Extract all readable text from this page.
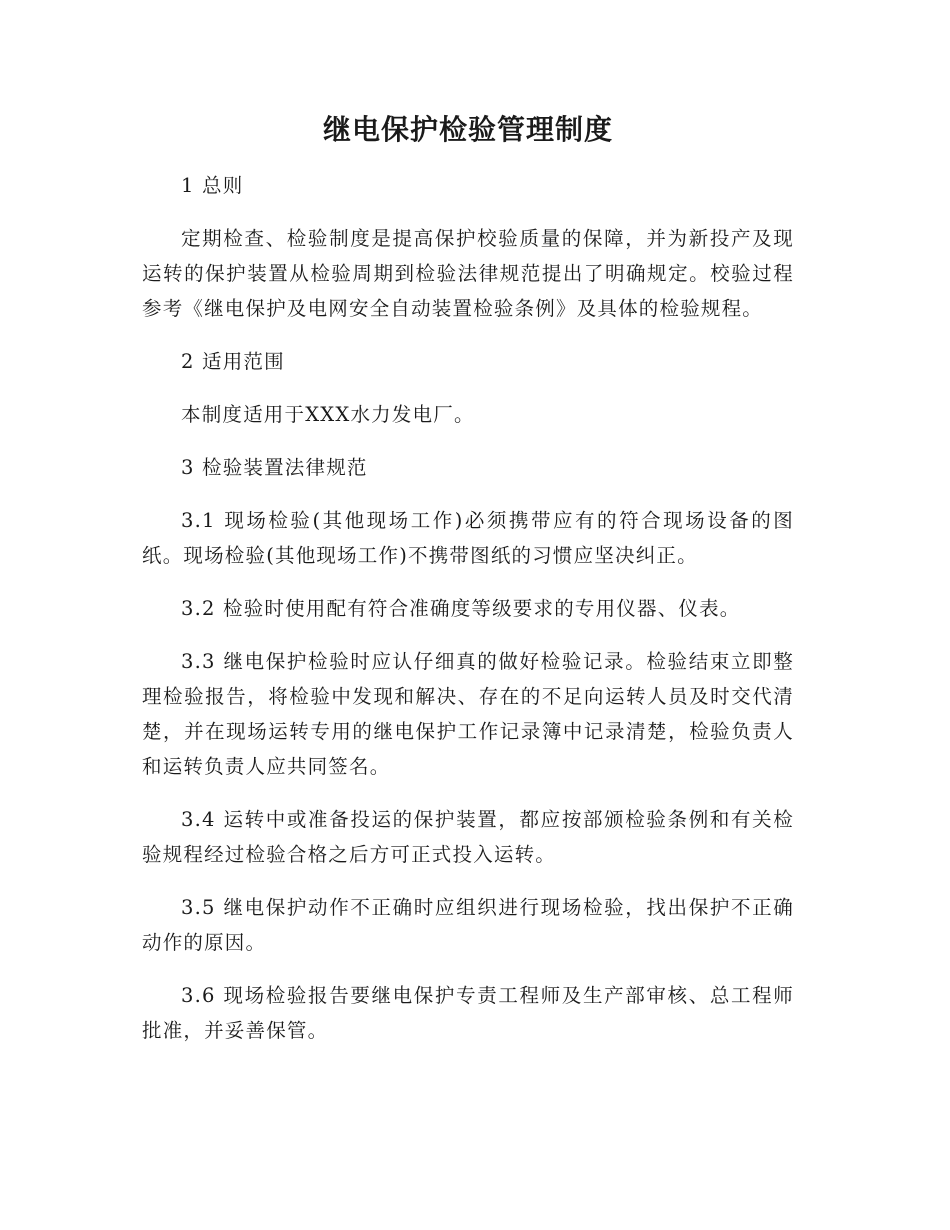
继电保护检验管理制度

1 总则

定期检查、检验制度是提高保护校验质量的保障，并为新投产及现运转的保护装置从检验周期到检验法律规范提出了明确规定。校验过程参考《继电保护及电网安全自动装置检验条例》及具体的检验规程。

2 适用范围

本制度适用于XXX水力发电厂。

3 检验装置法律规范

3.1 现场检验(其他现场工作)必须携带应有的符合现场设备的图纸。现场检验(其他现场工作)不携带图纸的习惯应坚决纠正。

3.2 检验时使用配有符合准确度等级要求的专用仪器、仪表。

3.3 继电保护检验时应认仔细真的做好检验记录。检验结束立即整理检验报告，将检验中发现和解决、存在的不足向运转人员及时交代清楚，并在现场运转专用的继电保护工作记录簿中记录清楚，检验负责人和运转负责人应共同签名。

3.4 运转中或准备投运的保护装置，都应按部颁检验条例和有关检验规程经过检验合格之后方可正式投入运转。

3.5 继电保护动作不正确时应组织进行现场检验，找出保护不正确动作的原因。

3.6 现场检验报告要继电保护专责工程师及生产部审核、总工程师批准，并妥善保管。
